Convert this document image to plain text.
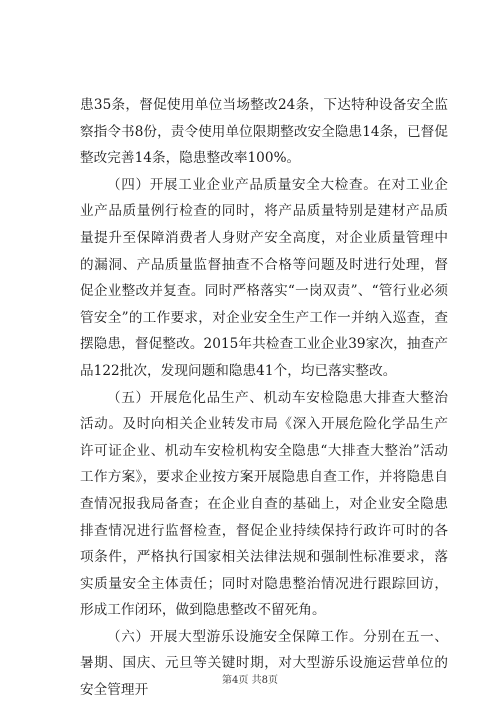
患35条，督促使用单位当场整改24条，下达特种设备安全监察指令书8份，责令使用单位限期整改安全隐患14条，已督促整改完善14条，隐患整改率100%。

（四）开展工业企业产品质量安全大检查。在对工业企业产品质量例行检查的同时，将产品质量特别是建材产品质量提升至保障消费者人身财产安全高度，对企业质量管理中的漏洞、产品质量监督抽查不合格等问题及时进行处理，督促企业整改并复查。同时严格落实“一岗双责”、“管行业必须管安全”的工作要求，对企业安全生产工作一并纳入巡查，查摆隐患，督促整改。2015年共检查工业企业39家次，抽查产品122批次，发现问题和隐患41个，均已落实整改。

（五）开展危化品生产、机动车安检隐患大排查大整治活动。及时向相关企业转发市局《深入开展危险化学品生产许可证企业、机动车安检机构安全隐患“大排查大整治”活动工作方案》，要求企业按方案开展隐患自查工作，并将隐患自查情况报我局备查；在企业自查的基础上，对企业安全隐患排查情况进行监督检查，督促企业持续保持行政许可时的各项条件，严格执行国家相关法律法规和强制性标准要求，落实质量安全主体责任；同时对隐患整治情况进行跟踪回访，形成工作闭环，做到隐患整改不留死角。

（六）开展大型游乐设施安全保障工作。分别在五一、暑期、国庆、元旦等关键时期，对大型游乐设施运营单位的安全管理开

第4页 共8页
